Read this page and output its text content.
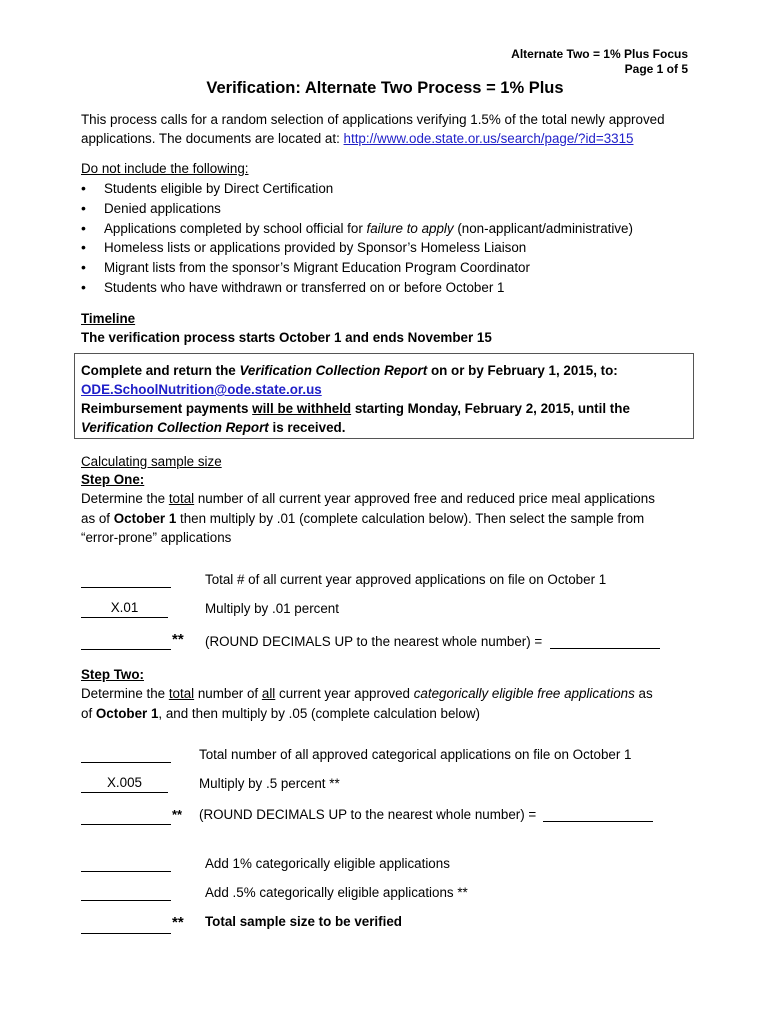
Alternate Two = 1% Plus Focus
Page 1 of 5
Verification: Alternate Two Process = 1% Plus
This process calls for a random selection of applications verifying 1.5% of the total newly approved
applications. The documents are located at: http://www.ode.state.or.us/search/page/?id=3315
Do not include the following:
• Students eligible by Direct Certification
• Denied applications
• Applications completed by school official for failure to apply (non-applicant/administrative)
• Homeless lists or applications provided by Sponsor’s Homeless Liaison
• Migrant lists from the sponsor’s Migrant Education Program Coordinator
• Students who have withdrawn or transferred on or before October 1
Timeline
The verification process starts October 1 and ends November 15
Complete and return the Verification Collection Report on or by February 1, 2015, to:
ODE.SchoolNutrition@ode.state.or.us
Reimbursement payments will be withheld starting Monday, February 2, 2015, until the
Verification Collection Report is received.
Calculating sample size
Step One:
Determine the total number of all current year approved free and reduced price meal applications
as of October 1 then multiply by .01 (complete calculation below). Then select the sample from
“error-prone” applications
Total # of all current year approved applications on file on October 1
X.01	Multiply by .01 percent
** (ROUND DECIMALS UP to the nearest whole number) =
Step Two:
Determine the total number of all current year approved categorically eligible free applications as
of October 1, and then multiply by .05 (complete calculation below)
Total number of all approved categorical applications on file on October 1
X.005	Multiply by .5 percent **
** (ROUND DECIMALS UP to the nearest whole number) =
Add 1% categorically eligible applications
Add .5% categorically eligible applications **
** Total sample size to be verified
